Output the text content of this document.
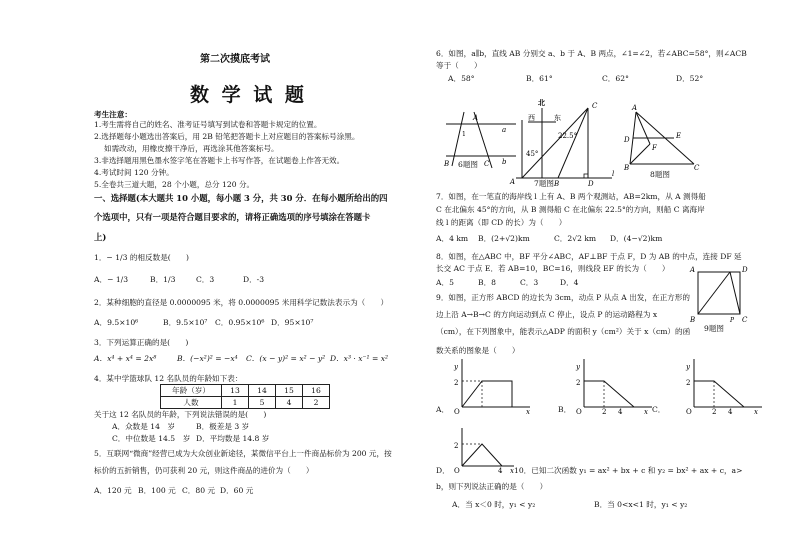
第二次摸底考试
数 学 试 题
考生注意：
1.考生需将自己的姓名、准考证号填写到试卷和答题卡规定的位置。
2.选择题每小题选出答案后，用 2B 铅笔把答题卡上对应题目的答案标号涂黑。
如需改动，用橡皮擦干净后，再选涂其他答案标号。
3.非选择题用黑色墨水签字笔在答题卡上书写作答，在试题卷上作答无效。
4.考试时间 120 分钟。
5.全卷共三道大题，28 个小题，总分 120 分。
一、选择题(本大题共 10 小题，每小题 3 分，共 30 分．在每小题所给出的四
个选项中，只有一项是符合题目要求的，请将正确选项的序号填涂在答题卡
上)
1．− 1/3 的相反数是(　　)
A．− 1/3	B．1/3	C．3	D．-3
2．某种细胞的直径是 0.0000095 米，将 0.0000095 米用科学记数法表示为（　　）
A．9.5×10⁶	B．9.5×10⁷ C．0.95×10⁶ D．95×10⁷
3．下列运算正确的是(　　)
A．x⁴ + x⁴ = 2x⁸	B．(−x²)² = −x⁴ C．(x − y)² = x² − y² D．x³ · x⁻¹ = x²
4．某中学篮球队 12 名队员的年龄如下表：
年龄（岁）	13	14	15	16
人数	1	5	4	2
关于这 12 名队员的年龄，下列说法错误的是(　　)
A．众数是 14　岁	B．极差是 3 岁
C．中位数是 14.5　岁 D．平均数是 14.8 岁
5．互联网“微商”经营已成为大众创业新途径，某微信平台上一件商品标价为 200 元，按
标价的五折销售，仍可获利 20 元，则这件商品的进价为（　　）
A．120 元 B．100 元 C．80 元 D．60 元
6．如图，a∥b，直线 AB 分别交 a、b 于 A、B 两点，∠1=∠2，若∠ABC=58°，则∠ACB
等于（　　）
A．58°	B．61°	C．62°	D．52°
A
a
b
1
B	C
6题图
北
西	东
45°
22.5°
C
A	B	D
l
7题图
A
D	E
F
B	C
8题图
7．如图，在一笔直的海岸线 l 上有 A、B 两个观测站，AB=2km，从 A 测得船
C 在北偏东 45°的方向，从 B 测得船 C 在北偏东 22.5°的方向，则船 C 离海岸
线 l 的距离（即 CD 的长）为（　　）
A．4 km B．(2+√2)km	C．2√2 km D．(4−√2)km
8．如图，在△ABC 中，BF 平分∠ABC，AF⊥BF 于点 F，D 为 AB 的中点，连接 DF 延
长交 AC 于点 E．若 AB=10，BC=16，则线段 EF 的长为（　　）
A．5	B．8	C．3	D．4
A	D
B	C
P
9题图
9．如图，正方形 ABCD 的边长为 3cm，动点 P 从点 A 出发，在正方形的
边上沿 A→B→C 的方向运动到点 C 停止，设点 P 的运动路程为 x
（cm），在下列图象中，能表示△ADP 的面积 y（cm²）关于 x（cm）的函
数关系的图象是（　　）
y
2
O	x
A．
y
2
O	2 4	x
B．
y
2
O	2 4	x
C．
2
O	4 x
D．	10．已知二次函数 y₁ = ax² + bx + c 和 y₂ = bx² + ax + c，a>
b，则下列说法正确的是（　　）
A．当 x＜0 时，y₁ < y₂	B．当 0<x<1 时，y₁ < y₂
